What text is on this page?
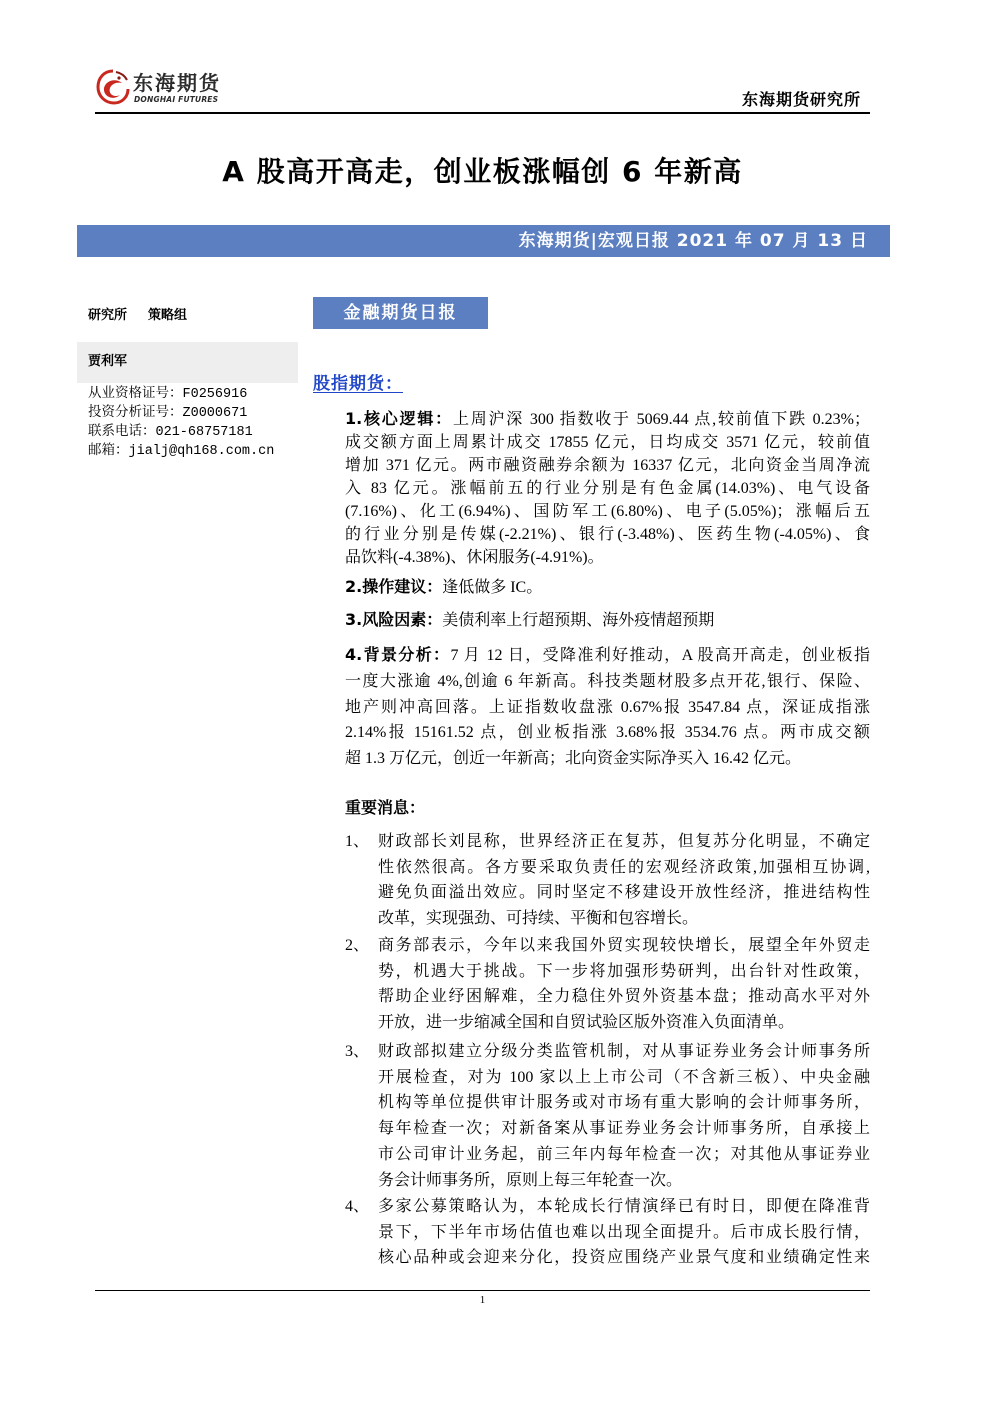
东海期货
DONGHAI FUTURES	东海期货研究所
A 股高开高走，创业板涨幅创 6 年新高
东海期货|宏观日报 2021 年 07 月 13 日
研究所 策略组
贾利军
从业资格证号：F0256916
投资分析证号：Z0000671
联系电话：021-68757181
邮箱：jialj@qh168.com.cn
金融期货日报
股指期货：
1.核心逻辑：上周沪深 300 指数收于 5069.44 点,较前值下跌 0.23%；
成交额方面上周累计成交 17855 亿元，日均成交 3571 亿元，较前值
增加 371 亿元。两市融资融券余额为 16337 亿元，北向资金当周净流
入 83 亿元。涨幅前五的行业分别是有色金属(14.03%)、电气设备
(7.16%)、化工(6.94%)、国防军工(6.80%)、电子(5.05%)；涨幅后五
的行业分别是传媒(-2.21%)、银行(-3.48%)、医药生物(-4.05%)、食
品饮料(-4.38%)、休闲服务(-4.91%)。
2.操作建议：逢低做多 IC。
3.风险因素：美债利率上行超预期、海外疫情超预期
4.背景分析：7 月 12 日，受降准利好推动，A 股高开高走，创业板指
一度大涨逾 4%,创逾 6 年新高。科技类题材股多点开花,银行、保险、
地产则冲高回落。上证指数收盘涨 0.67%报 3547.84 点，深证成指涨
2.14%报 15161.52 点，创业板指涨 3.68%报 3534.76 点。两市成交额
超 1.3 万亿元，创近一年新高；北向资金实际净买入 16.42 亿元。
重要消息：
1、 财政部长刘昆称，世界经济正在复苏，但复苏分化明显，不确定
性依然很高。各方要采取负责任的宏观经济政策,加强相互协调,
避免负面溢出效应。同时坚定不移建设开放性经济，推进结构性
改革，实现强劲、可持续、平衡和包容增长。
2、 商务部表示，今年以来我国外贸实现较快增长，展望全年外贸走
势，机遇大于挑战。下一步将加强形势研判，出台针对性政策，
帮助企业纾困解难，全力稳住外贸外资基本盘；推动高水平对外
开放，进一步缩减全国和自贸试验区版外资准入负面清单。
3、 财政部拟建立分级分类监管机制，对从事证券业务会计师事务所
开展检查，对为 100 家以上上市公司（不含新三板）、中央金融
机构等单位提供审计服务或对市场有重大影响的会计师事务所，
每年检查一次；对新备案从事证券业务会计师事务所，自承接上
市公司审计业务起，前三年内每年检查一次；对其他从事证券业
务会计师事务所，原则上每三年轮查一次。
4、 多家公募策略认为，本轮成长行情演绎已有时日，即便在降准背
景下，下半年市场估值也难以出现全面提升。后市成长股行情，
核心品种或会迎来分化，投资应围绕产业景气度和业绩确定性来
1
